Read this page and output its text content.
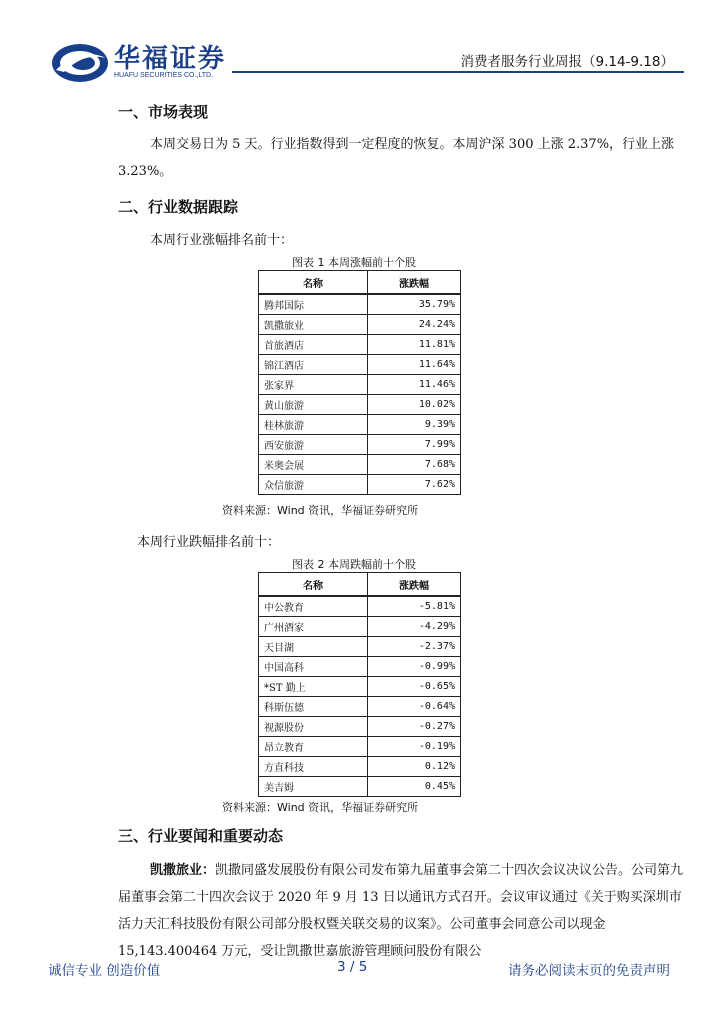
华福证券
HUAFU SECURITIES CO.,LTD.
消费者服务行业周报（9.14-9.18）
一、市场表现
本周交易日为 5 天。行业指数得到一定程度的恢复。本周沪深 300 上涨 2.37%，行业上涨 3.23%。
二、行业数据跟踪
本周行业涨幅排名前十：
图表 1 本周涨幅前十个股
名称	涨跌幅
腾邦国际	35.79%
凯撒旅业	24.24%
首旅酒店	11.81%
锦江酒店	11.64%
张家界	11.46%
黄山旅游	10.02%
桂林旅游	9.39%
西安旅游	7.99%
米奥会展	7.68%
众信旅游	7.62%
资料来源：Wind 资讯，华福证券研究所
本周行业跌幅排名前十：
图表 2 本周跌幅前十个股
名称	涨跌幅
中公教育	-5.81%
广州酒家	-4.29%
天目湖	-2.37%
中国高科	-0.99%
*ST 勤上	-0.65%
科斯伍德	-0.64%
视源股份	-0.27%
昂立教育	-0.19%
方直科技	0.12%
美吉姆	0.45%
资料来源：Wind 资讯，华福证券研究所
三、行业要闻和重要动态
凯撒旅业：凯撒同盛发展股份有限公司发布第九届董事会第二十四次会议决议公告。公司第九届董事会第二十四次会议于 2020 年 9 月 13 日以通讯方式召开。会议审议通过《关于购买深圳市活力天汇科技股份有限公司部分股权暨关联交易的议案》。公司董事会同意公司以现金 15,143.400464 万元，受让凯撒世嘉旅游管理顾问股份有限公
诚信专业 创造价值	3 / 5	请务必阅读末页的免责声明
